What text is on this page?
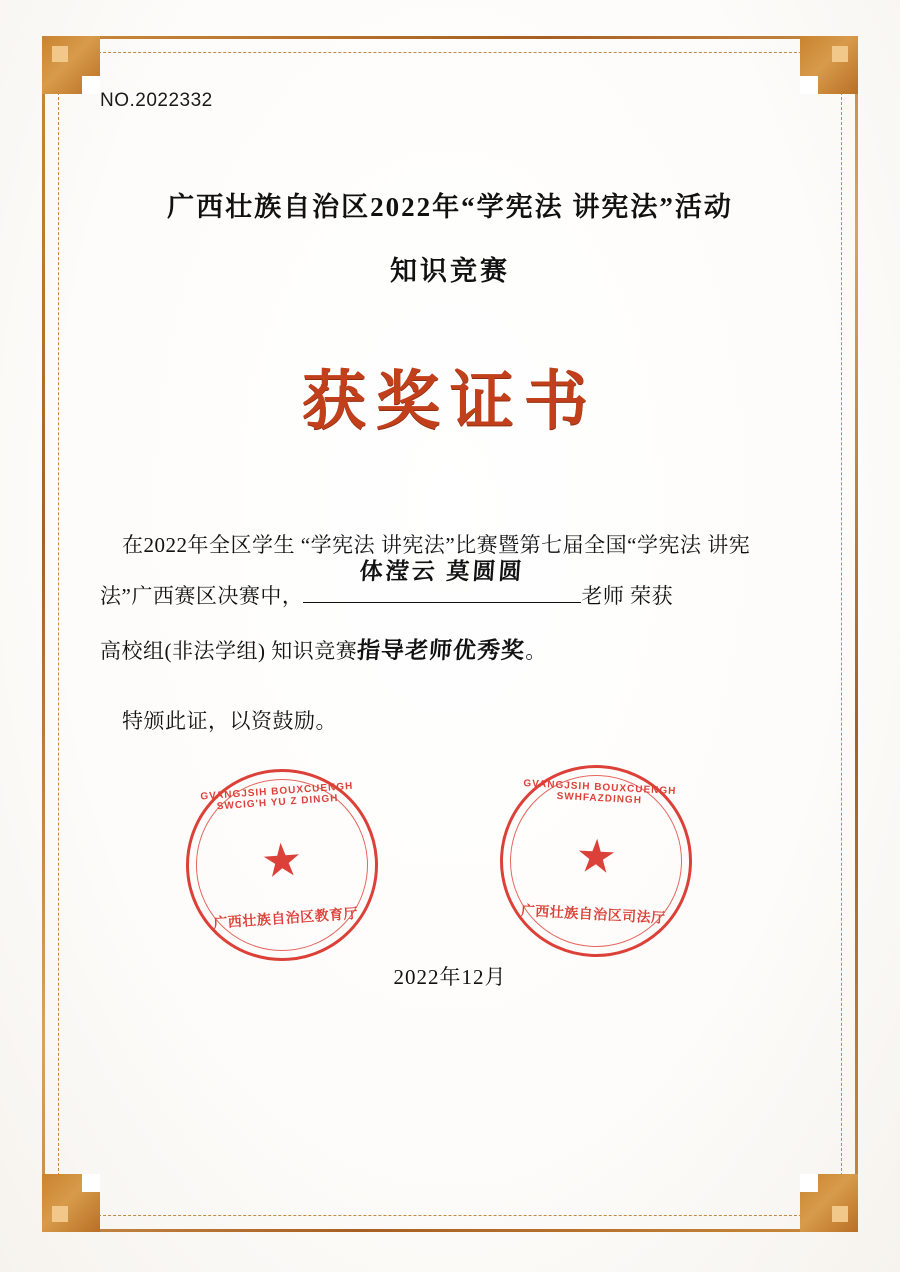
NO.2022332
广西壮族自治区2022年“学宪法 讲宪法”活动
知识竞赛
获奖证书
在2022年全区学生 “学宪法 讲宪法”比赛暨第七届全国“学宪法 讲宪
法”广西赛区决赛中，
体滢云 莫圆圆
老师 荣获
高校组(非法学组) 知识竞赛指导老师优秀奖。
特颁此证，以资鼓励。
GVANGJSIH BOUXCUENGH SWCIG'H YU Z DINGH
★
广西壮族自治区教育厅
GVANGJSIH BOUXCUENGH SWHFAZDINGH
★
广西壮族自治区司法厅
2022年12月
